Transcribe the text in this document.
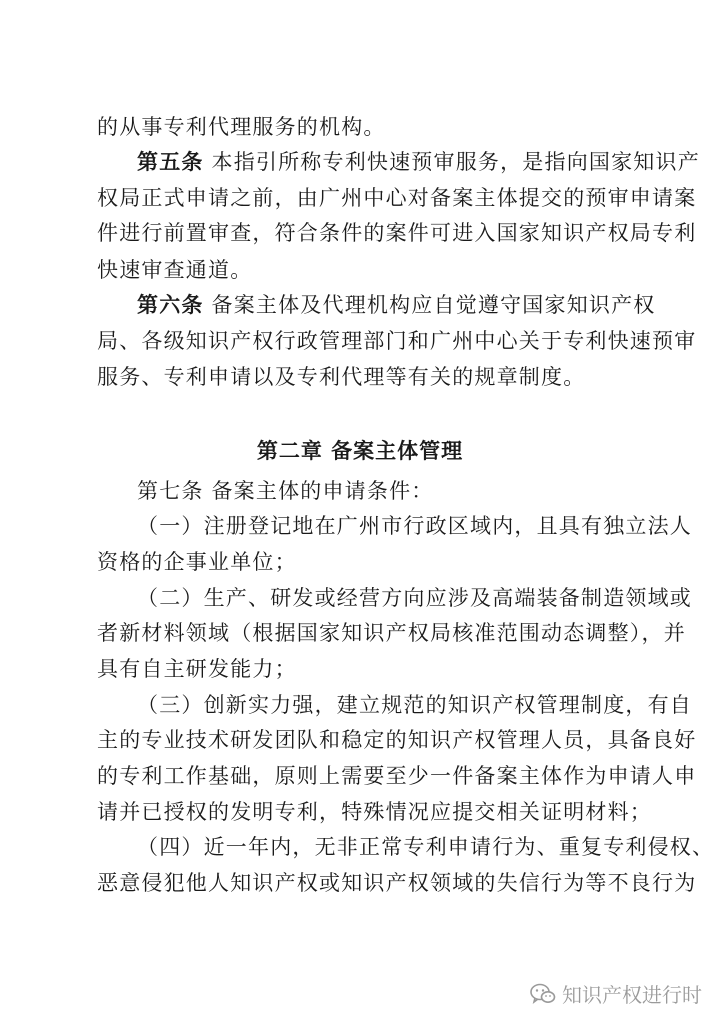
的从事专利代理服务的机构。
第五条 本指引所称专利快速预审服务，是指向国家知识产
权局正式申请之前，由广州中心对备案主体提交的预审申请案
件进行前置审查，符合条件的案件可进入国家知识产权局专利
快速审查通道。
第六条 备案主体及代理机构应自觉遵守国家知识产权
局、各级知识产权行政管理部门和广州中心关于专利快速预审
服务、专利申请以及专利代理等有关的规章制度。
第二章 备案主体管理
第七条 备案主体的申请条件：
（一）注册登记地在广州市行政区域内，且具有独立法人
资格的企事业单位；
（二）生产、研发或经营方向应涉及高端装备制造领域或
者新材料领域（根据国家知识产权局核准范围动态调整），并
具有自主研发能力；
（三）创新实力强，建立规范的知识产权管理制度，有自
主的专业技术研发团队和稳定的知识产权管理人员，具备良好
的专利工作基础，原则上需要至少一件备案主体作为申请人申
请并已授权的发明专利，特殊情况应提交相关证明材料；
（四）近一年内，无非正常专利申请行为、重复专利侵权、
恶意侵犯他人知识产权或知识产权领域的失信行为等不良行为
知识产权进行时
